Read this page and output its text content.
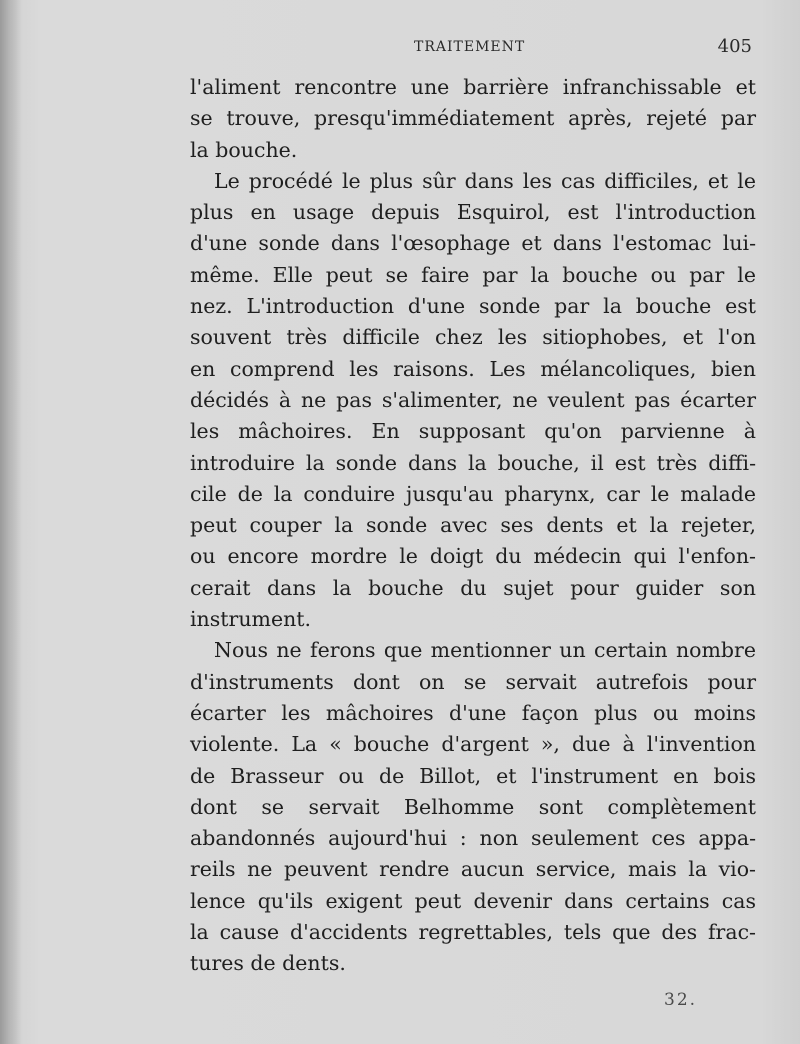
TRAITEMENT	405
l'aliment rencontre une barrière infranchissable et
se trouve, presqu'immédiatement après, rejeté par
la bouche.
Le procédé le plus sûr dans les cas difficiles, et le
plus en usage depuis Esquirol, est l'introduction
d'une sonde dans l'œsophage et dans l'estomac lui-
même. Elle peut se faire par la bouche ou par le
nez. L'introduction d'une sonde par la bouche est
souvent très difficile chez les sitiophobes, et l'on
en comprend les raisons. Les mélancoliques, bien
décidés à ne pas s'alimenter, ne veulent pas écarter
les mâchoires. En supposant qu'on parvienne à
introduire la sonde dans la bouche, il est très diffi-
cile de la conduire jusqu'au pharynx, car le malade
peut couper la sonde avec ses dents et la rejeter,
ou encore mordre le doigt du médecin qui l'enfon-
cerait dans la bouche du sujet pour guider son
instrument.
Nous ne ferons que mentionner un certain nombre
d'instruments dont on se servait autrefois pour
écarter les mâchoires d'une façon plus ou moins
violente. La « bouche d'argent », due à l'invention
de Brasseur ou de Billot, et l'instrument en bois
dont se servait Belhomme sont complètement
abandonnés aujourd'hui : non seulement ces appa-
reils ne peuvent rendre aucun service, mais la vio-
lence qu'ils exigent peut devenir dans certains cas
la cause d'accidents regrettables, tels que des frac-
tures de dents.
32.
